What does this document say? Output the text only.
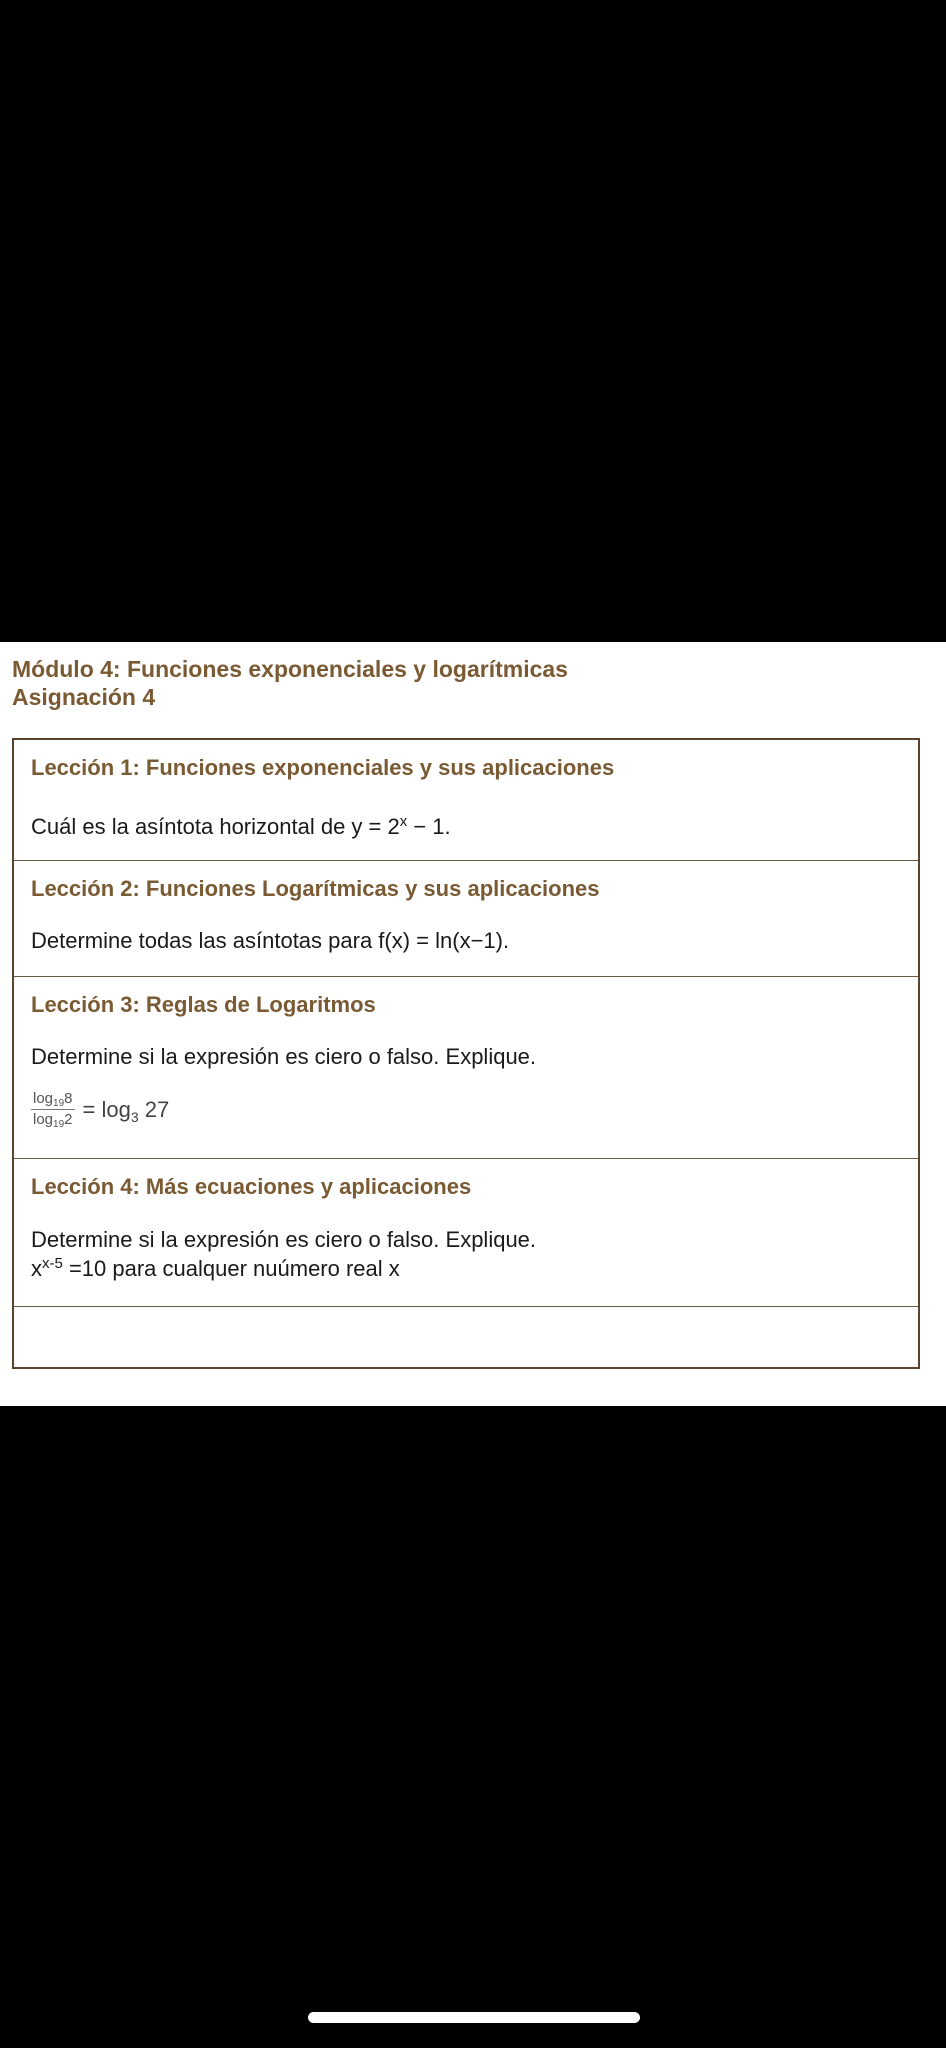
Módulo 4: Funciones exponenciales y logarítmicas
Asignación 4
Lección 1: Funciones exponenciales y sus aplicaciones
Cuál es la asíntota horizontal de $y = 2^x - 1$.
Lección 2: Funciones Logarítmicas y sus aplicaciones
Determine todas las asíntotas para f(x) = ln(x−1).
Lección 3: Reglas de Logaritmos
Determine si la expresión es ciero o falso. Explique.
$\frac{\log_{19}8}{\log_{19}2} = \log_3 27$
Lección 4: Más ecuaciones y aplicaciones
Determine si la expresión es ciero o falso. Explique.
$x^{x-5} =10$ para cualquer nuúmero real x
